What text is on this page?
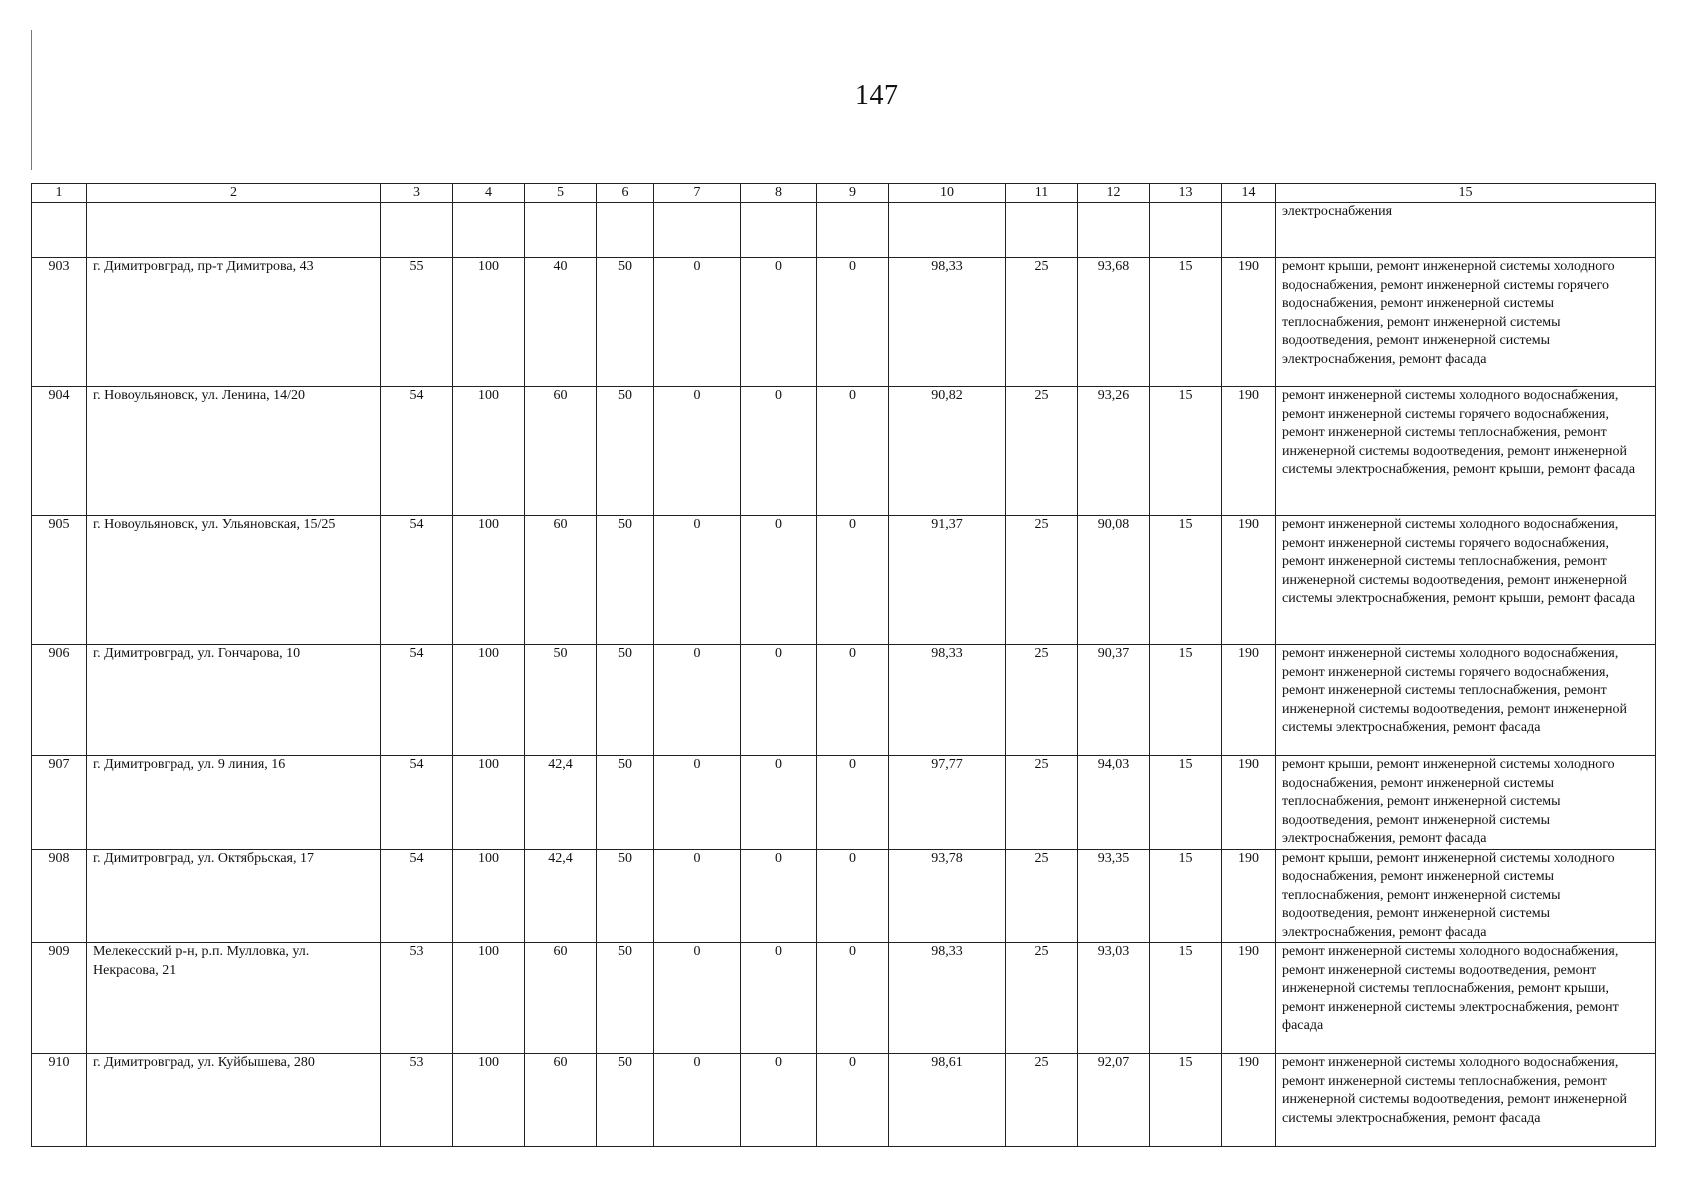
147
1	2	3	4	5	6	7	8	9	10	11	12	13	14	15
														электроснабжения
903	г. Димитровград, пр-т Димитрова, 43	55	100	40	50	0	0	0	98,33	25	93,68	15	190	ремонт крыши, ремонт инженерной системы холодного водоснабжения, ремонт инженерной системы горячего водоснабжения, ремонт инженерной системы теплоснабжения, ремонт инженерной системы водоотведения, ремонт инженерной системы электроснабжения, ремонт фасада
904	г. Новоульяновск, ул. Ленина, 14/20	54	100	60	50	0	0	0	90,82	25	93,26	15	190	ремонт инженерной системы холодного водоснабжения, ремонт инженерной системы горячего водоснабжения, ремонт инженерной системы теплоснабжения, ремонт инженерной системы водоотведения, ремонт инженерной системы электроснабжения, ремонт крыши, ремонт фасада
905	г. Новоульяновск, ул. Ульяновская, 15/25	54	100	60	50	0	0	0	91,37	25	90,08	15	190	ремонт инженерной системы холодного водоснабжения, ремонт инженерной системы горячего водоснабжения, ремонт инженерной системы теплоснабжения, ремонт инженерной системы водоотведения, ремонт инженерной системы электроснабжения, ремонт крыши, ремонт фасада
906	г. Димитровград, ул. Гончарова, 10	54	100	50	50	0	0	0	98,33	25	90,37	15	190	ремонт инженерной системы холодного водоснабжения, ремонт инженерной системы горячего водоснабжения, ремонт инженерной системы теплоснабжения, ремонт инженерной системы водоотведения, ремонт инженерной системы электроснабжения, ремонт фасада
907	г. Димитровград, ул. 9 линия, 16	54	100	42,4	50	0	0	0	97,77	25	94,03	15	190	ремонт крыши, ремонт инженерной системы холодного водоснабжения, ремонт инженерной системы теплоснабжения, ремонт инженерной системы водоотведения, ремонт инженерной системы электроснабжения, ремонт фасада
908	г. Димитровград, ул. Октябрьская, 17	54	100	42,4	50	0	0	0	93,78	25	93,35	15	190	ремонт крыши, ремонт инженерной системы холодного водоснабжения, ремонт инженерной системы теплоснабжения, ремонт инженерной системы водоотведения, ремонт инженерной системы электроснабжения, ремонт фасада
909	Мелекесский р-н, р.п. Мулловка, ул. Некрасова, 21	53	100	60	50	0	0	0	98,33	25	93,03	15	190	ремонт инженерной системы холодного водоснабжения, ремонт инженерной системы водоотведения, ремонт инженерной системы теплоснабжения, ремонт крыши, ремонт инженерной системы электроснабжения, ремонт фасада
910	г. Димитровград, ул. Куйбышева, 280	53	100	60	50	0	0	0	98,61	25	92,07	15	190	ремонт инженерной системы холодного водоснабжения, ремонт инженерной системы теплоснабжения, ремонт инженерной системы водоотведения, ремонт инженерной системы электроснабжения, ремонт фасада
